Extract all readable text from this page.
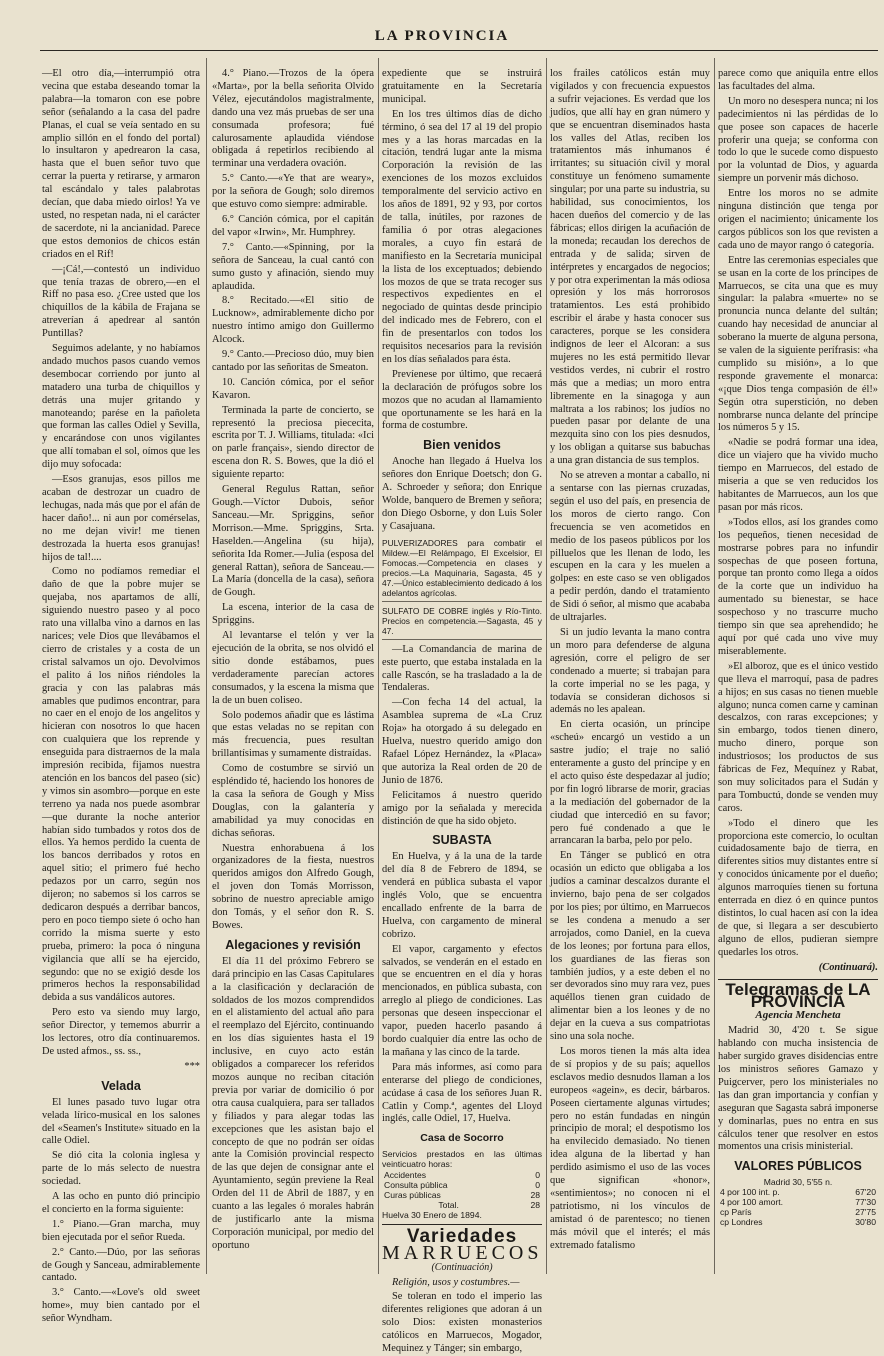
LA PROVINCIA

—El otro día,—interrumpió otra vecina que estaba deseando tomar la palabra—la tomaron con ese pobre señor (señalando a la casa del padre Planas, el cual se veía sentado en su amplio sillón en el fondo del portal) lo insultaron y apedrearon la casa, hasta que el buen señor tuvo que cerrar la puerta y retirarse, y armaron tal escándalo y tales palabrotas decían, que daba miedo oirlos! Ya ve usted, no respetan nada, ni el carácter de sacerdote, ni la ancianidad. Parece que estos demonios de chicos están criados en el Rif!

—¡Cá!,—contestó un individuo que tenía trazas de obrero,—en el Riff no pasa eso. ¿Cree usted que los chiquillos de la kábila de Frajana se atreverían á apedrear al santón Puntillas?

Seguimos adelante, y no habíamos andado muchos pasos cuando vemos desembocar corriendo por junto al matadero una turba de chiquillos y detrás una mujer gritando y manoteando; parése en la pañoleta que forman las calles Odiel y Sevilla, y encarándose con unos vigilantes que allí tomaban el sol, oímos que les dijo muy sofocada:

—Esos granujas, esos pillos me acaban de destrozar un cuadro de lechugas, nada más que por el afán de hacer daño!... ni aun por comérselas, no me dejan vivir! me tienen destrozada la huerta esos granujas! hijos de tal!....

Como no podíamos remediar el daño de que la pobre mujer se quejaba, nos apartamos de allí, siguiendo nuestro paseo y al poco rato una villalba vino a darnos en las narices; vele Dios que llevábamos el cierro de cristales y a costa de un cristal salvamos un ojo. Devolvimos el palito á los niños riéndoles la gracia y con las palabras más amables que pudimos encontrar, para no caer en el enojo de los angelitos y hicieran con nosotros lo que hacen con cualquiera que los reprende y enseguida para distraernos de la mala impresión recibida, fijamos nuestra atención en los bancos del paseo (sic) y vimos sin asombro—porque en este terreno ya nada nos puede asombrar—que durante la noche anterior habían sido tumbados y rotos dos de ellos. Ya hemos perdido la cuenta de los bancos derribados y rotos en aquel sitio; el primero fué hecho pedazos por un carro, según nos dijeron; no sabemos si los carros se dedicaron después a derribar bancos, pero en poco tiempo siete ó ocho han corrido la misma suerte y esto prueba, primero: la poca ó ninguna vigilancia que allí se ha ejercido, segundo: que no se exigió desde los primeros hechos la responsabilidad debida a sus vandálicos autores.

Pero esto va siendo muy largo, señor Director, y tememos aburrir a los lectores, otro día continuaremos. De usted afmos., ss. ss.,

***
Velada

El lunes pasado tuvo lugar otra velada lírico-musical en los salones del «Seamen's Institute» situado en la calle Odiel.

Se dió cita la colonia inglesa y parte de lo más selecto de nuestra sociedad.

A las ocho en punto dió principio el concierto en la forma siguiente:

1.° Piano.—Gran marcha, muy bien ejecutada por el señor Rueda.

2.° Canto.—Dúo, por las señoras de Gough y Sanceau, admirablemente cantado.

3.° Canto.—«Love's old sweet home», muy bien cantado por el señor Wyndham.

4.° Piano.—Trozos de la ópera «Marta», por la bella señorita Olvido Vélez, ejecutándolos magistralmente, dando una vez más pruebas de ser una consumada profesora; fué calurosamente aplaudida viéndose obligada á repetirlos recibiendo al terminar una verdadera ovación.

5.° Canto.—«Ye that are weary», por la señora de Gough; solo diremos que estuvo como siempre: admirable.

6.° Canción cómica, por el capitán del vapor «Irwin», Mr. Humphrey.

7.° Canto.—«Spinning, por la señora de Sanceau, la cual cantó con sumo gusto y afinación, siendo muy aplaudida.

8.° Recitado.—«El sitio de Lucknow», admirablemente dicho por nuestro íntimo amigo don Guillermo Alcock.

9.° Canto.—Precioso dúo, muy bien cantado por las señoritas de Smeaton.

10. Canción cómica, por el señor Kavaron.

Terminada la parte de concierto, se representó la preciosa piececita, escrita por T. J. Williams, titulada: «Ici on parle français», siendo director de escena don R. S. Bowes, que la dió el siguiente reparto:

General Regulus Rattan, señor Gough.—Víctor Dubois, señor Sanceau.—Mr. Spriggins, señor Morrison.—Mme. Spriggins, Srta. Haselden.—Angelina (su hija), señorita Ida Romer.—Julia (esposa del general Rattan), señora de Sanceau.—La María (doncella de la casa), señora de Gough.

La escena, interior de la casa de Spriggins.

Al levantarse el telón y ver la ejecución de la obrita, se nos olvidó el sitio donde estábamos, pues verdaderamente parecían actores consumados, y la escena la misma que la de un buen coliseo.

Solo podemos añadir que es lástima que estas veladas no se repitan con más frecuencia, pues resultan brillantísimas y sumamente distraídas.

Como de costumbre se sirvió un espléndido té, haciendo los honores de la casa la señora de Gough y Miss Douglas, con la galantería y amabilidad ya muy conocidas en dichas señoras.

Nuestra enhorabuena á los organizadores de la fiesta, nuestros queridos amigos don Alfredo Gough, el joven don Tomás Morrisson, sobrino de nuestro apreciable amigo don Tomás, y el señor don R. S. Bowes.

Alegaciones y revisión

El día 11 del próximo Febrero se dará principio en las Casas Capitulares a la clasificación y declaración de soldados de los mozos comprendidos en el alistamiento del actual año para el reemplazo del Ejército, continuando en los días siguientes hasta el 19 inclusive, en cuyo acto están obligados a comparecer los referidos mozos aunque no reciban citación previa por variar de domicilio ó por otra causa cualquiera, para ser tallados y filiados y para alegar todas las excepciones que les asistan bajo el concepto de que no podrán ser oídas ante la Comisión provincial respecto de las que dejen de consignar ante el Ayuntamiento, según previene la Real Orden del 11 de Abril de 1887, y en cuanto a las legales ó morales habrán de justificarlo ante la misma Corporación municipal, por medio del oportuno

expediente que se instruirá gratuitamente en la Secretaría municipal.

En los tres últimos días de dicho término, ó sea del 17 al 19 del propio mes y a las horas marcadas en la citación, tendrá lugar ante la misma Corporación la revisión de las exenciones de los mozos excluidos temporalmente del servicio activo en los años de 1891, 92 y 93, por cortos de talla, inútiles, por razones de familia ó por otras alegaciones morales, a cuyo fin estará de manifiesto en la Secretaría municipal la lista de los exceptuados; debiendo los mozos de que se trata recoger sus respectivos expedientes en el negociado de quintas desde principio del indicado mes de Febrero, con el fin de presentarlos con todos los requisitos necesarios para la revisión en los días señalados para ésta.

Prevíenese por último, que recaerá la declaración de prófugos sobre los mozos que no acudan al llamamiento que oportunamente se les hará en la forma de costumbre.

Bien venidos

Anoche han llegado á Huelva los señores don Enrique Doetsch; don G. A. Schroeder y señora; don Enrique Wolde, banquero de Bremen y señora; don Diego Osborne, y don Luis Soler y Casajuana.

PULVERIZADORES para combatir el Mildew.—El Relámpago, El Excelsior, El Fomocas.—Competencia en clases y precios.—La Maquinaria, Sagasta, 45 y 47.—Único establecimiento dedicado á los adelantos agrícolas.
SULFATO DE COBRE inglés y Río-Tinto. Precios en competencia.—Sagasta, 45 y 47.

—La Comandancia de marina de este puerto, que estaba instalada en la calle Rascón, se ha trasladado a la de Tendaleras.

—Con fecha 14 del actual, la Asamblea suprema de «La Cruz Roja» ha otorgado á su delegado en Huelva, nuestro querido amigo don Rafael López Hernández, la «Placa» que autoriza la Real orden de 20 de Junio de 1876.

Felicitamos á nuestro querido amigo por la señalada y merecida distinción de que ha sido objeto.

SUBASTA

En Huelva, y á la una de la tarde del día 8 de Febrero de 1894, se venderá en pública subasta el vapor inglés Volo, que se encuentra encallado enfrente de la barra de Huelva, con cargamento de mineral cobrizo.

El vapor, cargamento y efectos salvados, se venderán en el estado en que se encuentren en el día y horas mencionados, en pública subasta, con arreglo al pliego de condiciones. Las personas que deseen inspeccionar el vapor, pueden hacerlo pasando á bordo cualquier día entre las ocho de la mañana y las cinco de la tarde.

Para más informes, así como para enterarse del pliego de condiciones, acúdase á casa de los señores Juan R. Catlin y Comp.ª, agentes del Lloyd inglés, calle Odiel, 17, Huelva.

Casa de Socorro
Servicios prestados en las últimas veinticuatro horas:
Accidentes	0
Consulta pública	0
Curas públicas	28
Total.	28
Huelva 30 Enero de 1894.
Variedades
MARRUECOS
(Continuación)

Religión, usos y costumbres.—

Se toleran en todo el imperio las diferentes religiones que adoran á un solo Dios: existen monasterios católicos en Marruecos, Mogador, Mequinez y Tánger; sin embargo,

los frailes católicos están muy vigilados y con frecuencia expuestos a sufrir vejaciones. Es verdad que los judíos, que allí hay en gran número y que se encuentran diseminados hasta los valles del Atlas, reciben los tratamientos más inhumanos é irritantes; su situación civil y moral constituye un fenómeno sumamente singular; por una parte su industria, su habilidad, sus conocimientos, los hacen dueños del comercio y de las fábricas; ellos dirigen la acuñación de la moneda; recaudan los derechos de entrada y de salida; sirven de intérpretes y encargados de negocios; y por otra experimentan la más odiosa opresión y los más horrorosos tratamientos. Les está prohibido escribir el árabe y hasta conocer sus caracteres, porque se les considera indignos de leer el Alcoran: a sus mujeres no les está permitido llevar vestidos verdes, ni cubrir el rostro más que a medias; un moro entra libremente en la sinagoga y aun maltrata a los rabinos; los judíos no pueden pasar por delante de una mezquita sino con los pies desnudos, y los obligan a quitarse sus babuchas a una gran distancia de sus templos.

No se atreven a montar a caballo, ni a sentarse con las piernas cruzadas, según el uso del país, en presencia de los moros de cierto rango. Con frecuencia se ven acometidos en medio de los paseos públicos por los pilluelos que les llenan de lodo, les escupen en la cara y les muelen a golpes: en este caso se ven obligados a pedir perdón, dando el tratamiento de Sidi ó señor, al mismo que acababa de ultrajarles.

Si un judío levanta la mano contra un moro para defenderse de alguna agresión, corre el peligro de ser condenado a muerte; si trabajan para la corte imperial no se les paga, y todavía se consideran dichosos si además no les apalean.

En cierta ocasión, un príncipe «scheú» encargó un vestido a un sastre judío; el traje no salió enteramente a gusto del príncipe y en el acto quiso éste despedazar al judío; por fin logró librarse de morir, gracias a la mediación del gobernador de la ciudad que intercedió en su favor; pero fué condenado a que le arrancaran la barba, pelo por pelo.

En Tánger se publicó en otra ocasión un edicto que obligaba a los judíos a caminar descalzos durante el invierno, bajo pena de ser colgados por los pies; por último, en Marruecos se les condena a menudo a ser arrojados, como Daniel, en la cueva de los leones; por fortuna para ellos, los guardianes de las fieras son también judíos, y a este deben el no ser devorados sino muy rara vez, pues aquéllos tienen gran cuidado de alimentar bien a los leones y de no dejar en la cueva a sus compatriotas sino una sola noche.

Los moros tienen la más alta idea de sí propios y de su país; aquellos esclavos medio desnudos llaman a los europeos «agein», es decir, bárbaros. Poseen ciertamente algunas virtudes; pero no están fundadas en ningún principio de moral; el despotismo los ha envilecido demasiado. No tienen idea alguna de la libertad y han perdido asimismo el uso de las voces que significan «honor», «sentimientos»; no conocen ni el patriotismo, ni los vínculos de amistad ó de parentesco; no tienen más móvil que el interés; el más extremado fatalismo

parece como que aniquila entre ellos las facultades del alma.

Un moro no desespera nunca; ni los padecimientos ni las pérdidas de lo que posee son capaces de hacerle proferir una queja; se conforma con todo lo que le sucede como dispuesto por la voluntad de Dios, y aguarda siempre un porvenir más dichoso.

Entre los moros no se admite ninguna distinción que tenga por origen el nacimiento; únicamente los cargos públicos son los que revisten a cada uno de mayor rango ó categoría.

Entre las ceremonias especiales que se usan en la corte de los príncipes de Marruecos, se cita una que es muy singular: la palabra «muerte» no se pronuncia nunca delante del sultán; cuando hay necesidad de anunciar al soberano la muerte de alguna persona, se valen de la siguiente perífrasis: «ha cumplido su misión», a lo que responde gravemente el monarca: «¡que Dios tenga compasión de él!» Según otra superstición, no deben nombrarse nunca delante del príncipe los números 5 y 15.

«Nadie se podrá formar una idea, dice un viajero que ha vivido mucho tiempo en Marruecos, del estado de miseria a que se ven reducidos los habitantes de Marruecos, aun los que pasan por más ricos.

»Todos ellos, así los grandes como los pequeños, tienen necesidad de mostrarse pobres para no infundir sospechas de que poseen fortuna, porque tan pronto como llega a oídos de la corte que un individuo ha aumentado su bienestar, se hace sospechoso y no trascurre mucho tiempo sin que sea aprehendido; he aquí por qué cada uno vive muy miserablemente.

»El alboroz, que es el único vestido que lleva el marroquí, pasa de padres a hijos; en sus casas no tienen mueble alguno; nunca comen carne y caminan descalzos, con raras excepciones; y sin embargo, todos tienen dinero, mucho dinero, porque son industriosos; los productos de sus fábricas de Fez, Mequínez y Rabat, son muy solicitados para el Sudán y para Tombuctú, donde se venden muy caros.

»Todo el dinero que les proporciona este comercio, lo ocultan cuidadosamente bajo de tierra, en diferentes sitios muy distantes entre sí y conocidos únicamente por el dueño; algunos marroquíes tienen su fortuna enterrada en diez ó en quince puntos distintos, lo cual hacen así con la idea de que, si llegara a ser descubierto alguno de ellos, pudieran siempre quedarles los otros.

(Continuará).
Telegramas de LA PROVINCIA
Agencia Mencheta

Madrid 30, 4'20 t. Se sigue hablando con mucha insistencia de haber surgido graves disidencias entre los ministros señores Gamazo y Puigcerver, pero los ministeriales no las dan gran importancia y confían y aseguran que Sagasta sabrá imponerse y dominarlas, pues no entra en sus cálculos tener que resolver en estos momentos una crisis ministerial.

VALORES PÚBLICOS
Madrid 30, 5'55 n.
4 por 100 int. p.	67'20
4 por 100 amort.	77'30
cp París	27'75
cp Londres	30'80
